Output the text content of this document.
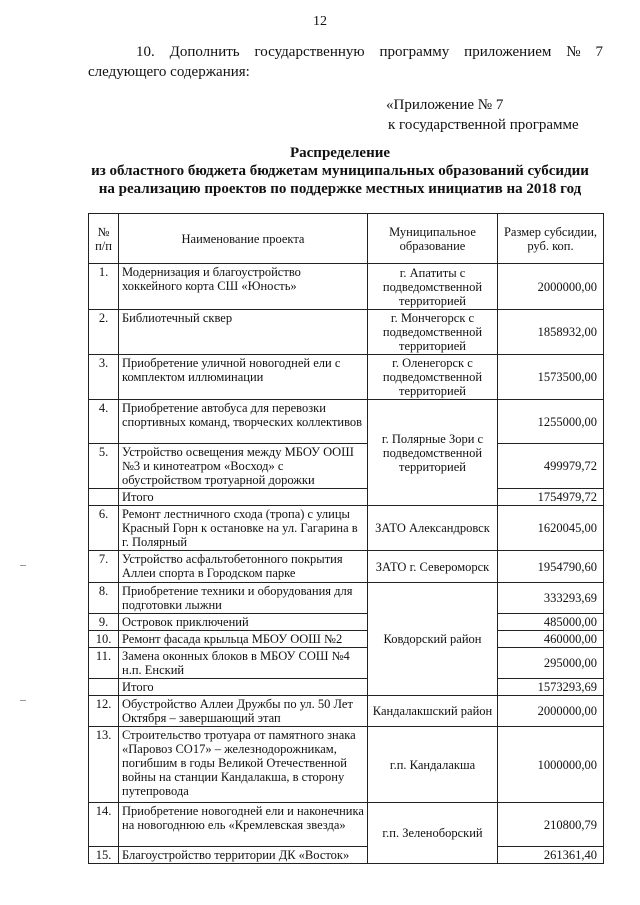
12
10. Дополнить государственную программу приложением № 7
следующего содержания:
«Приложение № 7
к государственной программе
Распределение
из областного бюджета бюджетам муниципальных образований субсидии
на реализацию проектов по поддержке местных инициатив на 2018 год
№ п/п	Наименование проекта	Муниципальное образование	Размер субсидии, руб. коп.
1.	Модернизация и благоустройство хоккейного корта СШ «Юность»	г. Апатиты с подведомственной территорией	2000000,00
2.	Библиотечный сквер	г. Мончегорск с подведомственной территорией	1858932,00
3.	Приобретение уличной новогодней ели с комплектом иллюминации	г. Оленегорск с подведомственной территорией	1573500,00
4.	Приобретение автобуса для перевозки спортивных команд, творческих коллективов	г. Полярные Зори с подведомственной территорией	1255000,00
5.	Устройство освещения между МБОУ ООШ №3 и кинотеатром «Восход» с обустройством тротуарной дорожки		499979,72
	Итого		1754979,72
6.	Ремонт лестничного схода (тропа) с улицы Красный Горн к остановке на ул. Гагарина в г. Полярный	ЗАТО Александровск	1620045,00
7.	Устройство асфальтобетонного покрытия Аллеи спорта в Городском парке	ЗАТО г. Североморск	1954790,60
8.	Приобретение техники и оборудования для подготовки лыжни	Ковдорский район	333293,69
9.	Островок приключений		485000,00
10.	Ремонт фасада крыльца МБОУ ООШ №2		460000,00
11.	Замена оконных блоков в МБОУ СОШ №4 н.п. Енский		295000,00
	Итого		1573293,69
12.	Обустройство Аллеи Дружбы по ул. 50 Лет Октября – завершающий этап	Кандалакшский район	2000000,00
13.	Строительство тротуара от памятного знака «Паровоз СО17» – железнодорожникам, погибшим в годы Великой Отечественной войны на станции Кандалакша, в сторону путепровода	г.п. Кандалакша	1000000,00
14.	Приобретение новогодней ели и наконечника на новогоднюю ель «Кремлевская звезда»	г.п. Зеленоборский	210800,79
15.	Благоустройство территории ДК «Восток»		261361,40
